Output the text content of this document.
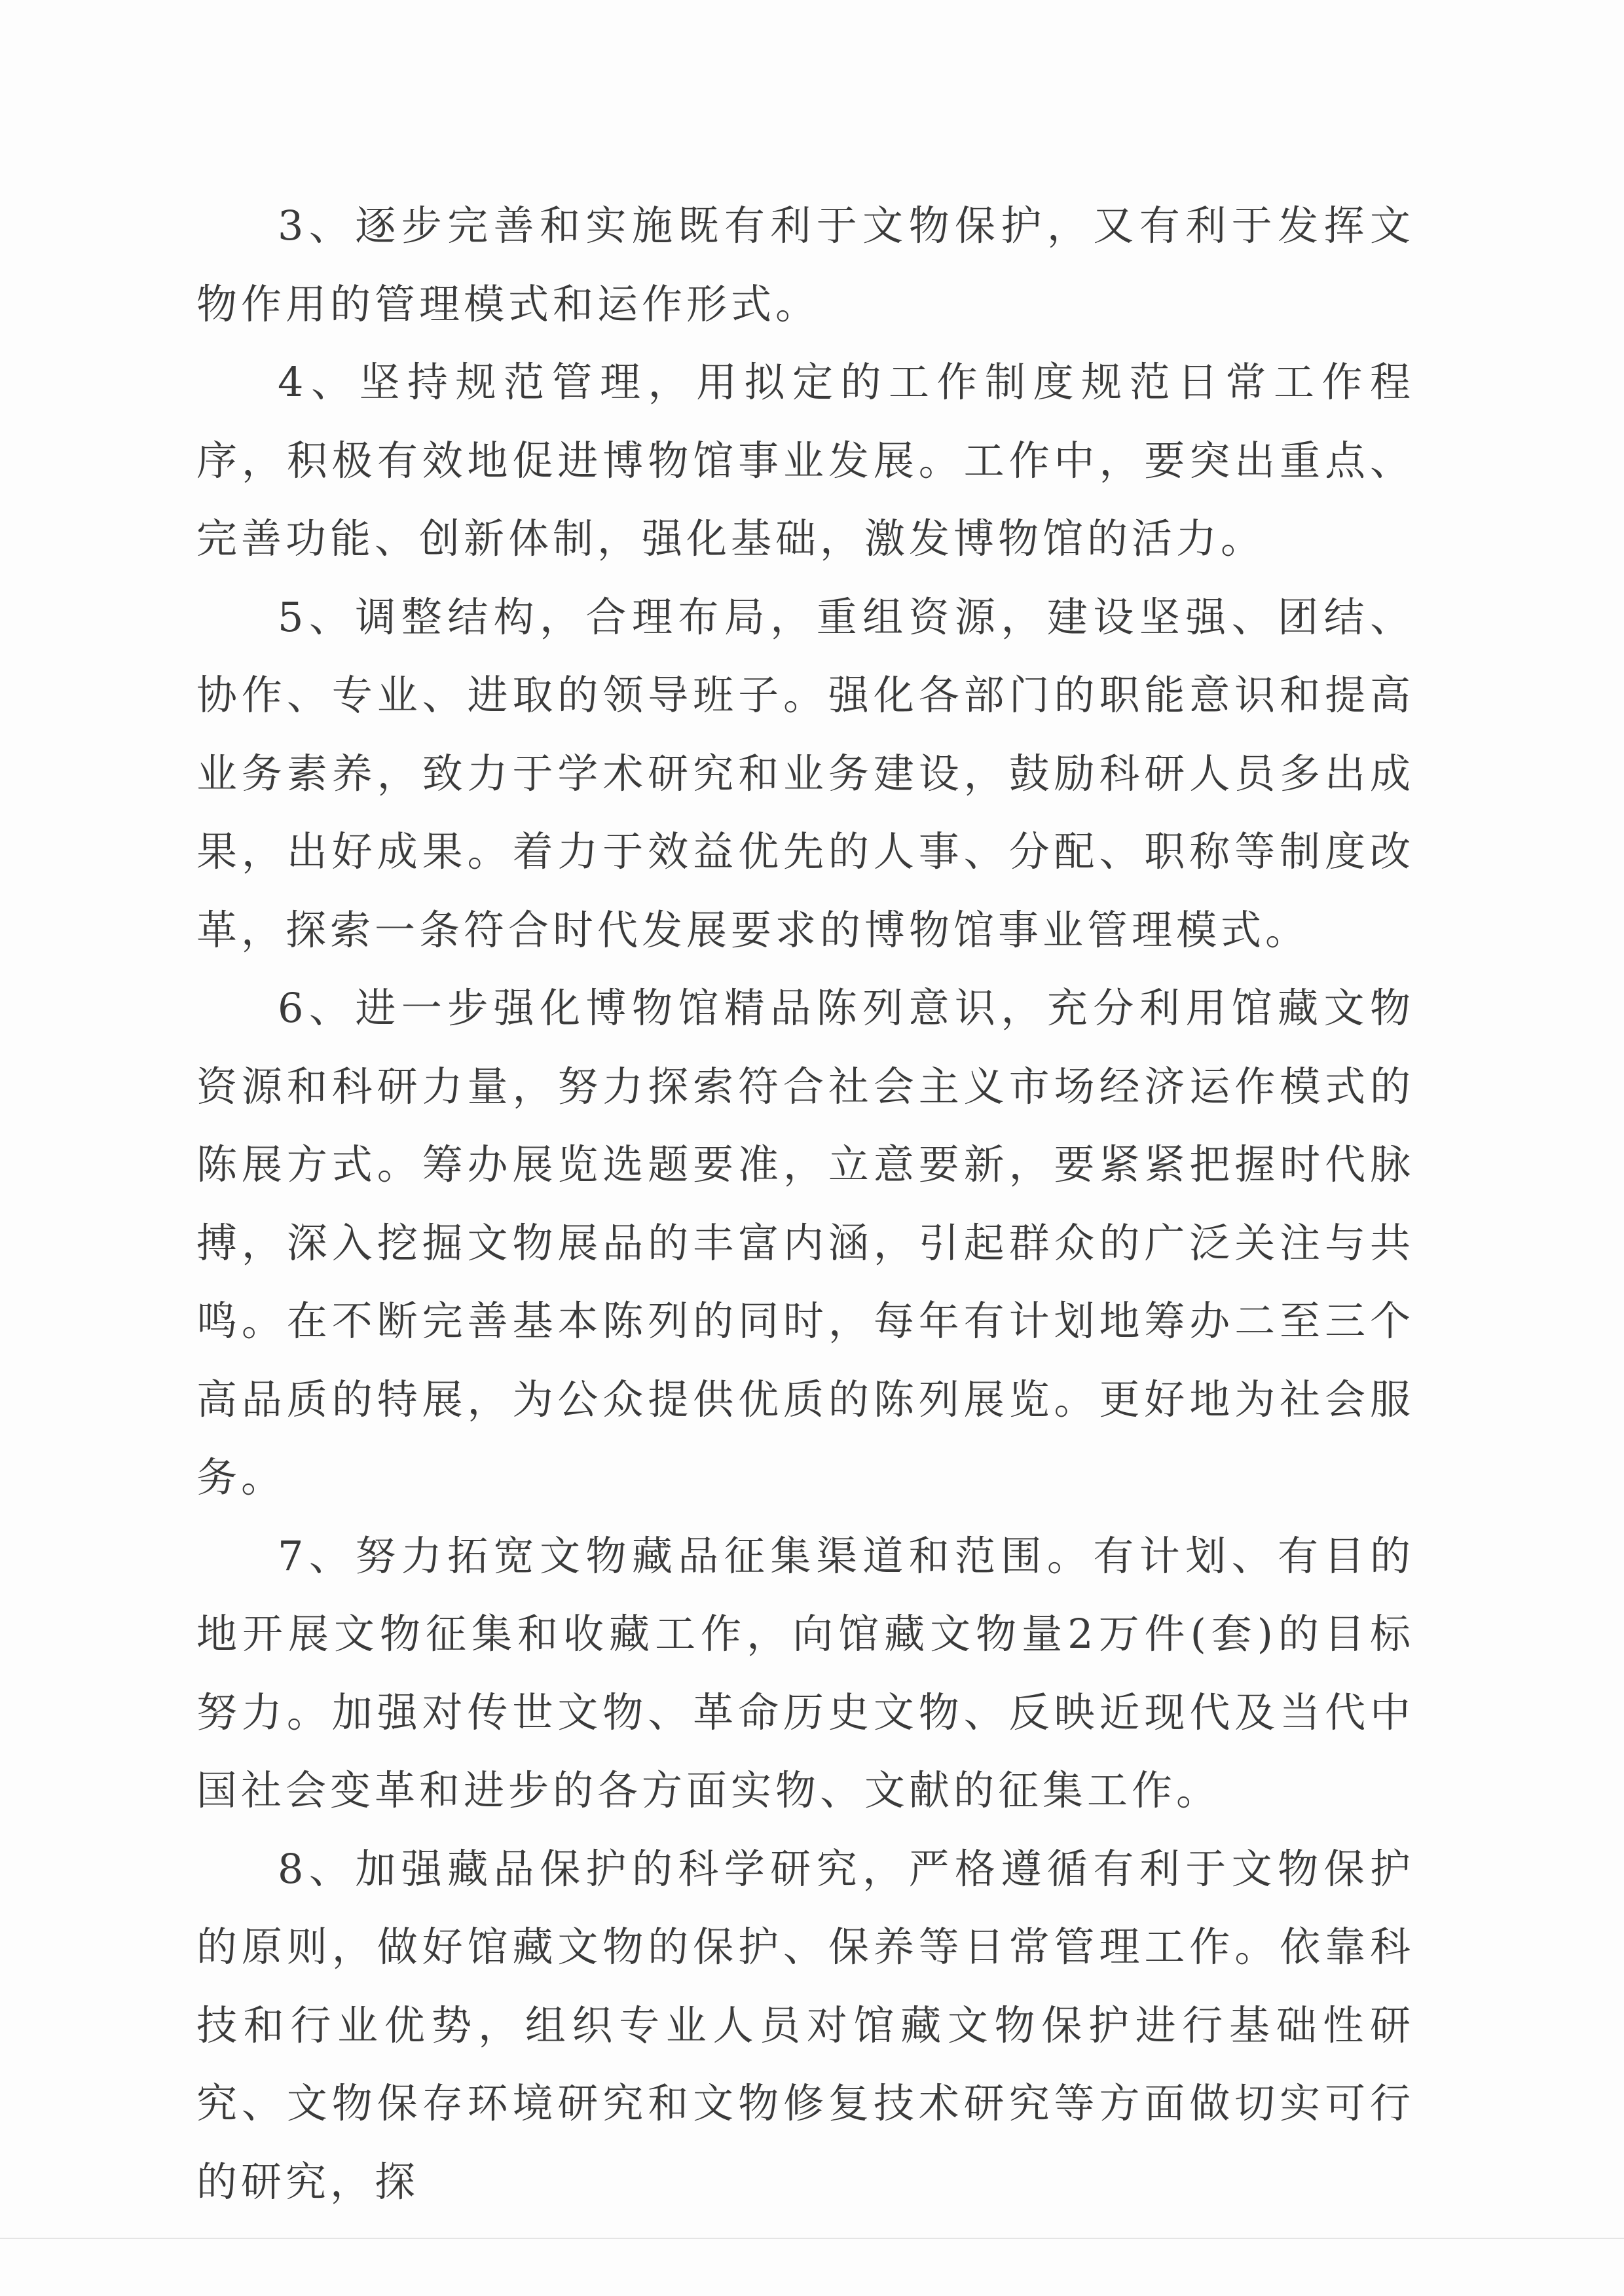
3、逐步完善和实施既有利于文物保护，又有利于发挥文物作用的管理模式和运作形式。

4、坚持规范管理，用拟定的工作制度规范日常工作程序，积极有效地促进博物馆事业发展。工作中，要突出重点、完善功能、创新体制，强化基础，激发博物馆的活力。

5、调整结构，合理布局，重组资源，建设坚强、团结、协作、专业、进取的领导班子。强化各部门的职能意识和提高业务素养，致力于学术研究和业务建设，鼓励科研人员多出成果，出好成果。着力于效益优先的人事、分配、职称等制度改革，探索一条符合时代发展要求的博物馆事业管理模式。

6、进一步强化博物馆精品陈列意识，充分利用馆藏文物资源和科研力量，努力探索符合社会主义市场经济运作模式的陈展方式。筹办展览选题要准，立意要新，要紧紧把握时代脉搏，深入挖掘文物展品的丰富内涵，引起群众的广泛关注与共鸣。在不断完善基本陈列的同时，每年有计划地筹办二至三个高品质的特展，为公众提供优质的陈列展览。更好地为社会服务。

7、努力拓宽文物藏品征集渠道和范围。有计划、有目的地开展文物征集和收藏工作，向馆藏文物量2万件(套)的目标努力。加强对传世文物、革命历史文物、反映近现代及当代中国社会变革和进步的各方面实物、文献的征集工作。

8、加强藏品保护的科学研究，严格遵循有利于文物保护的原则，做好馆藏文物的保护、保养等日常管理工作。依靠科技和行业优势，组织专业人员对馆藏文物保护进行基础性研究、文物保存环境研究和文物修复技术研究等方面做切实可行的研究，探
